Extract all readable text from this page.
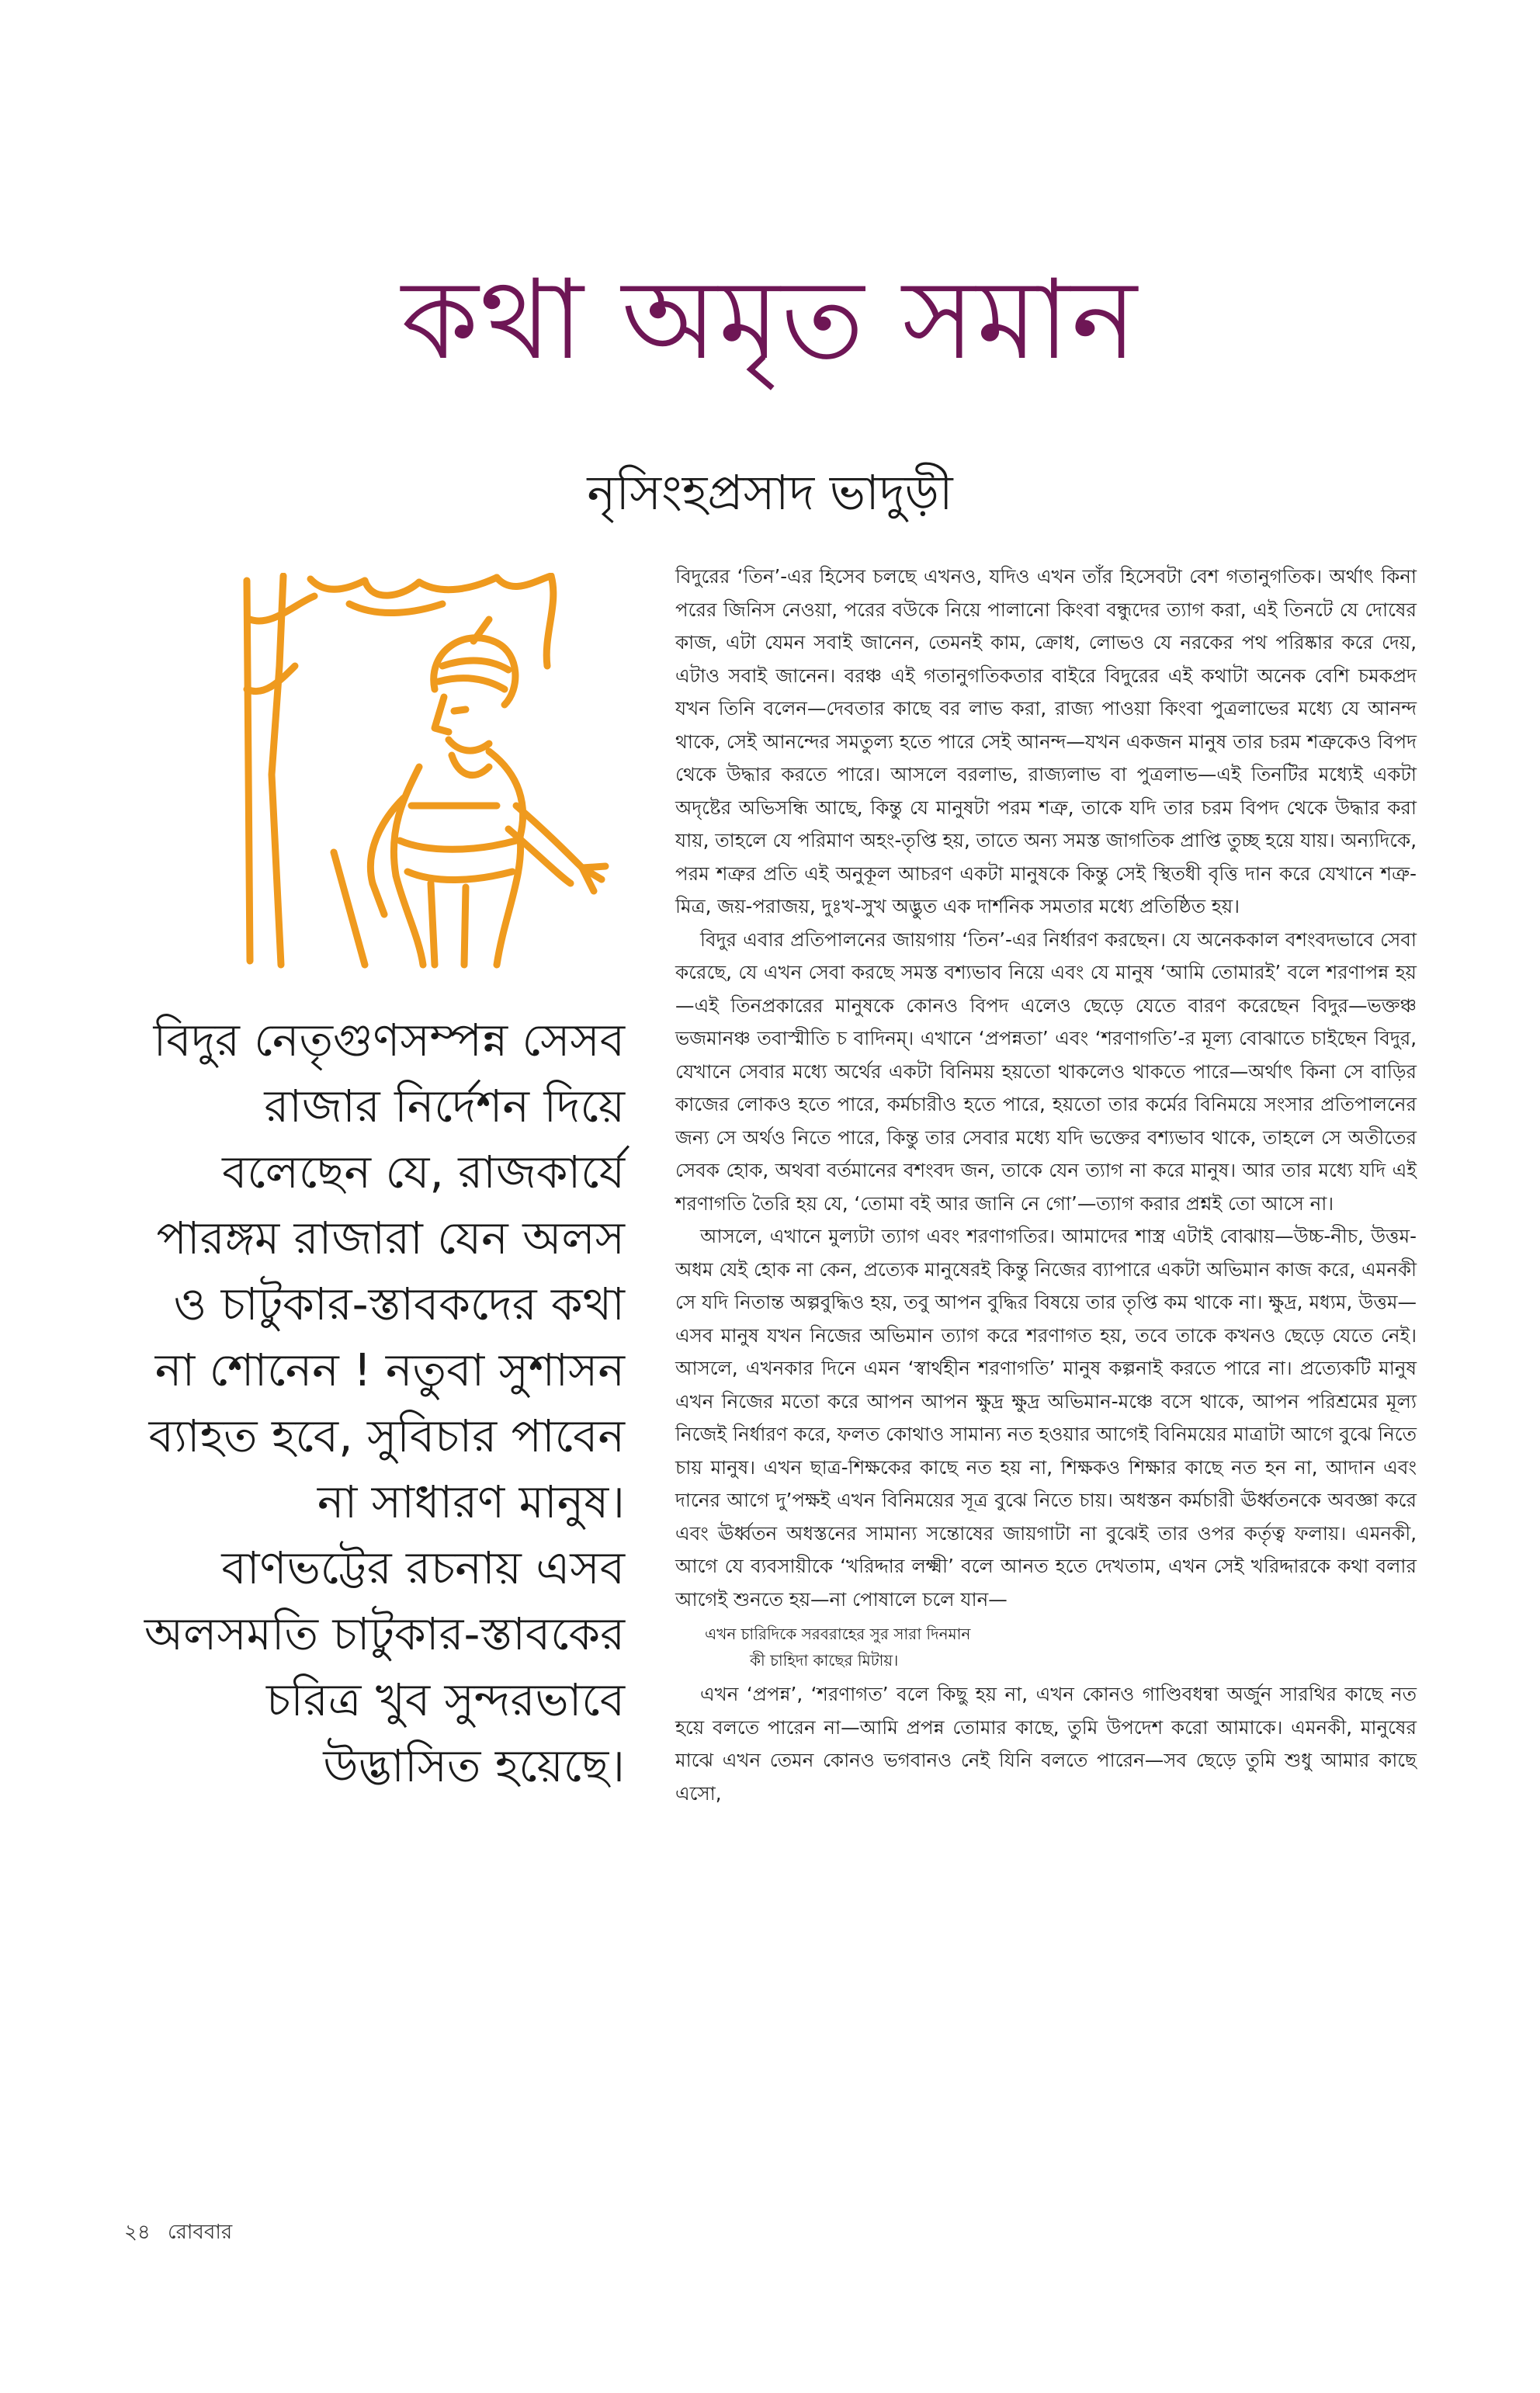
কথা অমৃত সমান
নৃসিংহপ্রসাদ ভাদুড়ী

বিদুর নেতৃগুণসম্পন্ন সেসব রাজার নির্দেশন দিয়ে বলেছেন যে, রাজকার্যে পারঙ্গম রাজারা যেন অলস ও চাটুকার-স্তাবকদের কথা না শোনেন ! নতুবা সুশাসন ব্যাহত হবে, সুবিচার পাবেন না সাধারণ মানুষ। বাণভট্টের রচনায় এসব অলসমতি চাটুকার-স্তাবকের চরিত্র খুব সুন্দরভাবে উদ্ভাসিত হয়েছে।

বিদুরের ‘তিন’-এর হিসেব চলছে এখনও, যদিও এখন তাঁর হিসেবটা বেশ গতানুগতিক। অর্থাৎ কিনা পরের জিনিস নেওয়া, পরের বউকে নিয়ে পালানো কিংবা বন্ধুদের ত্যাগ করা, এই তিনটে যে দোষের কাজ, এটা যেমন সবাই জানেন, তেমনই কাম, ক্রোধ, লোভও যে নরকের পথ পরিষ্কার করে দেয়, এটাও সবাই জানেন। বরঞ্চ এই গতানুগতিকতার বাইরে বিদুরের এই কথাটা অনেক বেশি চমকপ্রদ যখন তিনি বলেন—দেবতার কাছে বর লাভ করা, রাজ্য পাওয়া কিংবা পুত্রলাভের মধ্যে যে আনন্দ থাকে, সেই আনন্দের সমতুল্য হতে পারে সেই আনন্দ—যখন একজন মানুষ তার চরম শত্রুকেও বিপদ থেকে উদ্ধার করতে পারে। আসলে বরলাভ, রাজ্যলাভ বা পুত্রলাভ—এই তিনটির মধ্যেই একটা অদৃষ্টের অভিসন্ধি আছে, কিন্তু যে মানুষটা পরম শত্রু, তাকে যদি তার চরম বিপদ থেকে উদ্ধার করা যায়, তাহলে যে পরিমাণ অহং-তৃপ্তি হয়, তাতে অন্য সমস্ত জাগতিক প্রাপ্তি তুচ্ছ হয়ে যায়। অন্যদিকে, পরম শত্রুর প্রতি এই অনুকূল আচরণ একটা মানুষকে কিন্তু সেই স্থিতধী বৃত্তি দান করে যেখানে শত্রু-মিত্র, জয়-পরাজয়, দুঃখ-সুখ অদ্ভুত এক দার্শনিক সমতার মধ্যে প্রতিষ্ঠিত হয়।

বিদুর এবার প্রতিপালনের জায়গায় ‘তিন’-এর নির্ধারণ করছেন। যে অনেককাল বশংবদভাবে সেবা করেছে, যে এখন সেবা করছে সমস্ত বশ্যভাব নিয়ে এবং যে মানুষ ‘আমি তোমারই’ বলে শরণাপন্ন হয়—এই তিনপ্রকারের মানুষকে কোনও বিপদ এলেও ছেড়ে যেতে বারণ করেছেন বিদুর—ভক্তঞ্চ ভজমানঞ্চ তবাস্মীতি চ বাদিনম্। এখানে ‘প্রপন্নতা’ এবং ‘শরণাগতি’-র মূল্য বোঝাতে চাইছেন বিদুর, যেখানে সেবার মধ্যে অর্থের একটা বিনিময় হয়তো থাকলেও থাকতে পারে—অর্থাৎ কিনা সে বাড়ির কাজের লোকও হতে পারে, কর্মচারীও হতে পারে, হয়তো তার কর্মের বিনিময়ে সংসার প্রতিপালনের জন্য সে অর্থও নিতে পারে, কিন্তু তার সেবার মধ্যে যদি ভক্তের বশ্যভাব থাকে, তাহলে সে অতীতের সেবক হোক, অথবা বর্তমানের বশংবদ জন, তাকে যেন ত্যাগ না করে মানুষ। আর তার মধ্যে যদি এই শরণাগতি তৈরি হয় যে, ‘তোমা বই আর জানি নে গো’—ত্যাগ করার প্রশ্নই তো আসে না।

আসলে, এখানে মুল্যটা ত্যাগ এবং শরণাগতির। আমাদের শাস্ত্র এটাই বোঝায়—উচ্চ-নীচ, উত্তম-অধম যেই হোক না কেন, প্রত্যেক মানুষেরই কিন্তু নিজের ব্যাপারে একটা অভিমান কাজ করে, এমনকী সে যদি নিতান্ত অল্পবুদ্ধিও হয়, তবু আপন বুদ্ধির বিষয়ে তার তৃপ্তি কম থাকে না। ক্ষুদ্র, মধ্যম, উত্তম—এসব মানুষ যখন নিজের অভিমান ত্যাগ করে শরণাগত হয়, তবে তাকে কখনও ছেড়ে যেতে নেই। আসলে, এখনকার দিনে এমন ‘স্বার্থহীন শরণাগতি’ মানুষ কল্পনাই করতে পারে না। প্রত্যেকটি মানুষ এখন নিজের মতো করে আপন আপন ক্ষুদ্র ক্ষুদ্র অভিমান-মঞ্চে বসে থাকে, আপন পরিশ্রমের মূল্য নিজেই নির্ধারণ করে, ফলত কোথাও সামান্য নত হওয়ার আগেই বিনিময়ের মাত্রাটা আগে বুঝে নিতে চায় মানুষ। এখন ছাত্র-শিক্ষকের কাছে নত হয় না, শিক্ষকও শিক্ষার কাছে নত হন না, আদান এবং দানের আগে দু’পক্ষই এখন বিনিময়ের সূত্র বুঝে নিতে চায়। অধস্তন কর্মচারী ঊর্ধ্বতনকে অবজ্ঞা করে এবং ঊর্ধ্বতন অধস্তনের সামান্য সন্তোষের জায়গাটা না বুঝেই তার ওপর কর্তৃত্ব ফলায়। এমনকী, আগে যে ব্যবসায়ীকে ‘খরিদ্দার লক্ষ্মী’ বলে আনত হতে দেখতাম, এখন সেই খরিদ্দারকে কথা বলার আগেই শুনতে হয়—না পোষালে চলে যান—

এখন চারিদিকে সরবরাহের সুর সারা দিনমান
কী চাহিদা কাছের মিটায়।

এখন ‘প্রপন্ন’, ‘শরণাগত’ বলে কিছু হয় না, এখন কোনও গাণ্ডিবধন্বা অর্জুন সারথির কাছে নত হয়ে বলতে পারেন না—আমি প্রপন্ন তোমার কাছে, তুমি উপদেশ করো আমাকে। এমনকী, মানুষের মাঝে এখন তেমন কোনও ভগবানও নেই যিনি বলতে পারেন—সব ছেড়ে তুমি শুধু আমার কাছে এসো,

২৪ রোববার
